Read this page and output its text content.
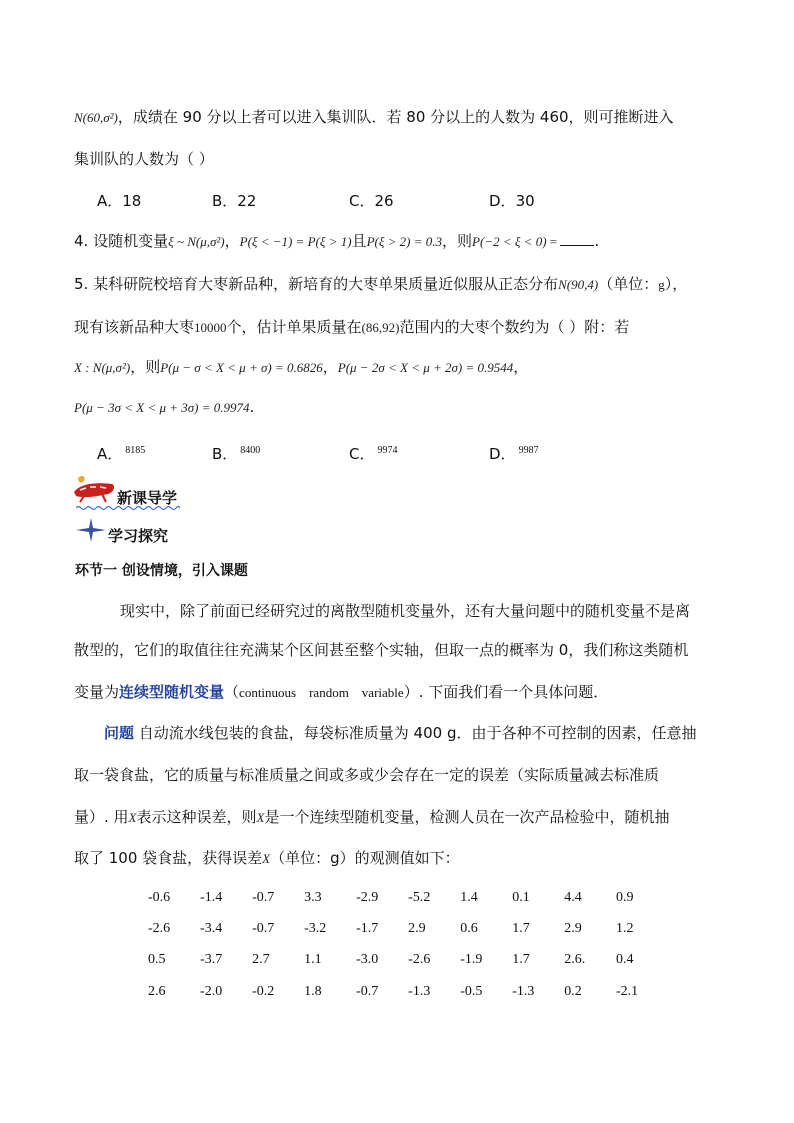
N(60,σ²)，成绩在 90 分以上者可以进入集训队．若 80 分以上的人数为 460，则可推断进入
集训队的人数为（ ）
A．18	B．22	C．26	D．30
4. 设随机变量ξ ~ N(μ,σ²)，P(ξ < −1) = P(ξ > 1)且P(ξ > 2) = 0.3，则P(−2 < ξ < 0) = .
5. 某科研院校培育大枣新品种，新培育的大枣单果质量近似服从正态分布N(90,4)（单位：g），
现有该新品种大枣10000个，估计单果质量在(86,92)范围内的大枣个数约为（ ）附：若
X : N(μ,σ²)，则P(μ − σ < X < μ + σ) = 0.6826，P(μ − 2σ < X < μ + 2σ) = 0.9544，
P(μ − 3σ < X < μ + 3σ) = 0.9974.
A． $^{8185}$	B． $^{8400}$	C． $^{9974}$	D． $^{9987}$
新课导学
学习探究
环节一 创设情境，引入课题
现实中，除了前面已经研究过的离散型随机变量外，还有大量问题中的随机变量不是离
散型的，它们的取值往往充满某个区间甚至整个实轴，但取一点的概率为 0，我们称这类随机
变量为连续型随机变量（continuous    random    variable）. 下面我们看一个具体问题．
问题 自动流水线包装的食盐，每袋标准质量为 400 g．由于各种不可控制的因素，任意抽
取一袋食盐，它的质量与标准质量之间或多或少会存在一定的误差（实际质量减去标准质
量）. 用X表示这种误差，则X是一个连续型随机变量，检测人员在一次产品检验中，随机抽
取了 100 袋食盐，获得误差X（单位：g）的观测值如下：
-0.6	-1.4	-0.7	3.3	-2.9	-5.2	1.4	0.1	4.4	0.9
-2.6	-3.4	-0.7	-3.2	-1.7	2.9	0.6	1.7	2.9	1.2
0.5	-3.7	2.7	1.1	-3.0	-2.6	-1.9	1.7	2.6.	0.4
2.6	-2.0	-0.2	1.8	-0.7	-1.3	-0.5	-1.3	0.2	-2.1
